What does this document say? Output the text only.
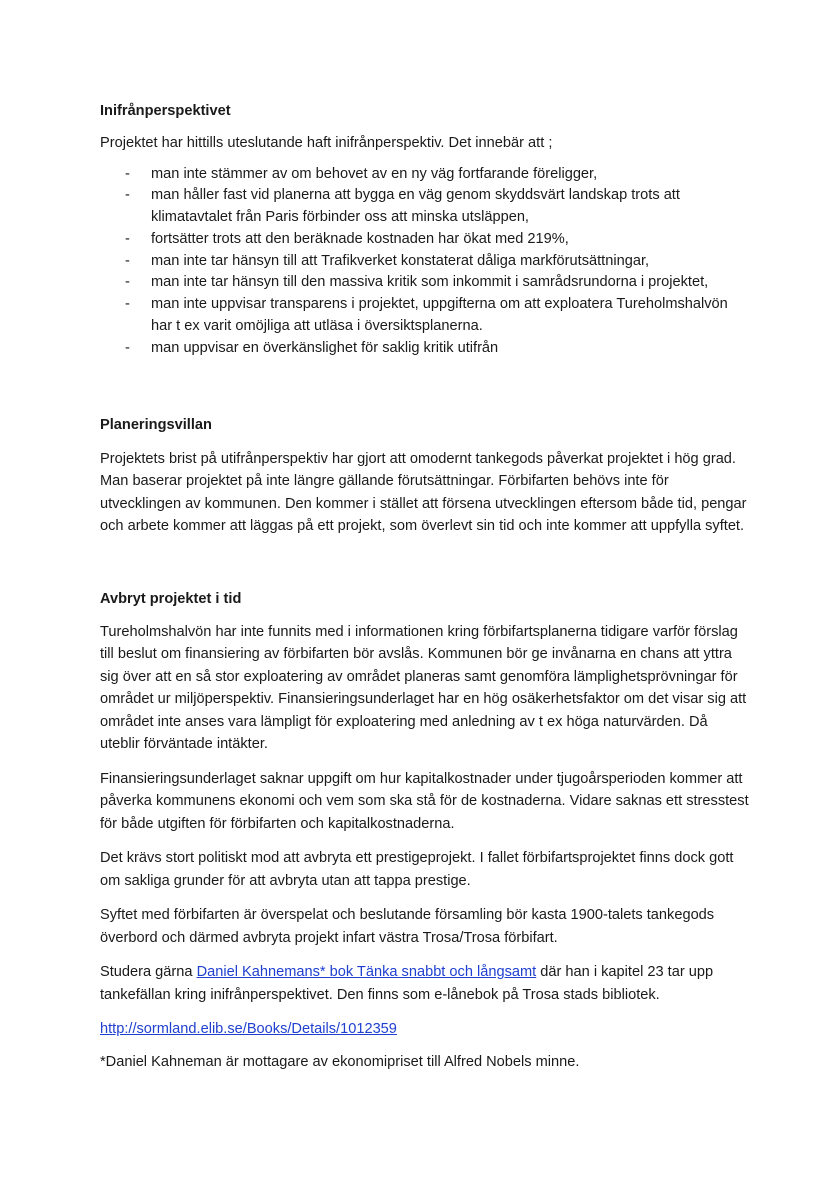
Inifrånperspektivet

Projektet har hittills uteslutande haft inifrånperspektiv. Det innebär att ;

- man inte stämmer av om behovet av en ny väg fortfarande föreligger,
- man håller fast vid planerna att bygga en väg genom skyddsvärt landskap trots att klimatavtalet från Paris förbinder oss att minska utsläppen,
- fortsätter trots att den beräknade kostnaden har ökat med 219%,
- man inte tar hänsyn till att Trafikverket konstaterat dåliga markförutsättningar,
- man inte tar hänsyn till den massiva kritik som inkommit i samrådsrundorna i projektet,
- man inte uppvisar transparens i projektet, uppgifterna om att exploatera Tureholmshalvön har t ex varit omöjliga att utläsa i översiktsplanerna.
- man uppvisar en överkänslighet för saklig kritik utifrån
Planeringsvillan

Projektets brist på utifrånperspektiv har gjort att omodernt tankegods påverkat projektet i hög grad. Man baserar projektet på inte längre gällande förutsättningar. Förbifarten behövs inte för utvecklingen av kommunen. Den kommer i stället att försena utvecklingen eftersom både tid, pengar och arbete kommer att läggas på ett projekt, som överlevt sin tid och inte kommer att uppfylla syftet.

Avbryt projektet i tid

Tureholmshalvön har inte funnits med i informationen kring förbifartsplanerna tidigare varför förslag till beslut om finansiering av förbifarten bör avslås. Kommunen bör ge invånarna en chans att yttra sig över att en så stor exploatering av området planeras samt genomföra lämplighetsprövningar för området ur miljöperspektiv. Finansieringsunderlaget har en hög osäkerhetsfaktor om det visar sig att området inte anses vara lämpligt för exploatering med anledning av t ex höga naturvärden. Då uteblir förväntade intäkter.

Finansieringsunderlaget saknar uppgift om hur kapitalkostnader under tjugoårsperioden kommer att påverka kommunens ekonomi och vem som ska stå för de kostnaderna. Vidare saknas ett stresstest för både utgiften för förbifarten och kapitalkostnaderna.

Det krävs stort politiskt mod att avbryta ett prestigeprojekt. I fallet förbifartsprojektet finns dock gott om sakliga grunder för att avbryta utan att tappa prestige.

Syftet med förbifarten är överspelat och beslutande församling bör kasta 1900-talets tankegods överbord och därmed avbryta projekt infart västra Trosa/Trosa förbifart.

Studera gärna Daniel Kahnemans* bok Tänka snabbt och långsamt där han i kapitel 23 tar upp tankefällan kring inifrånperspektivet. Den finns som e-lånebok på Trosa stads bibliotek.

http://sormland.elib.se/Books/Details/1012359

*Daniel Kahneman är mottagare av ekonomipriset till Alfred Nobels minne.
